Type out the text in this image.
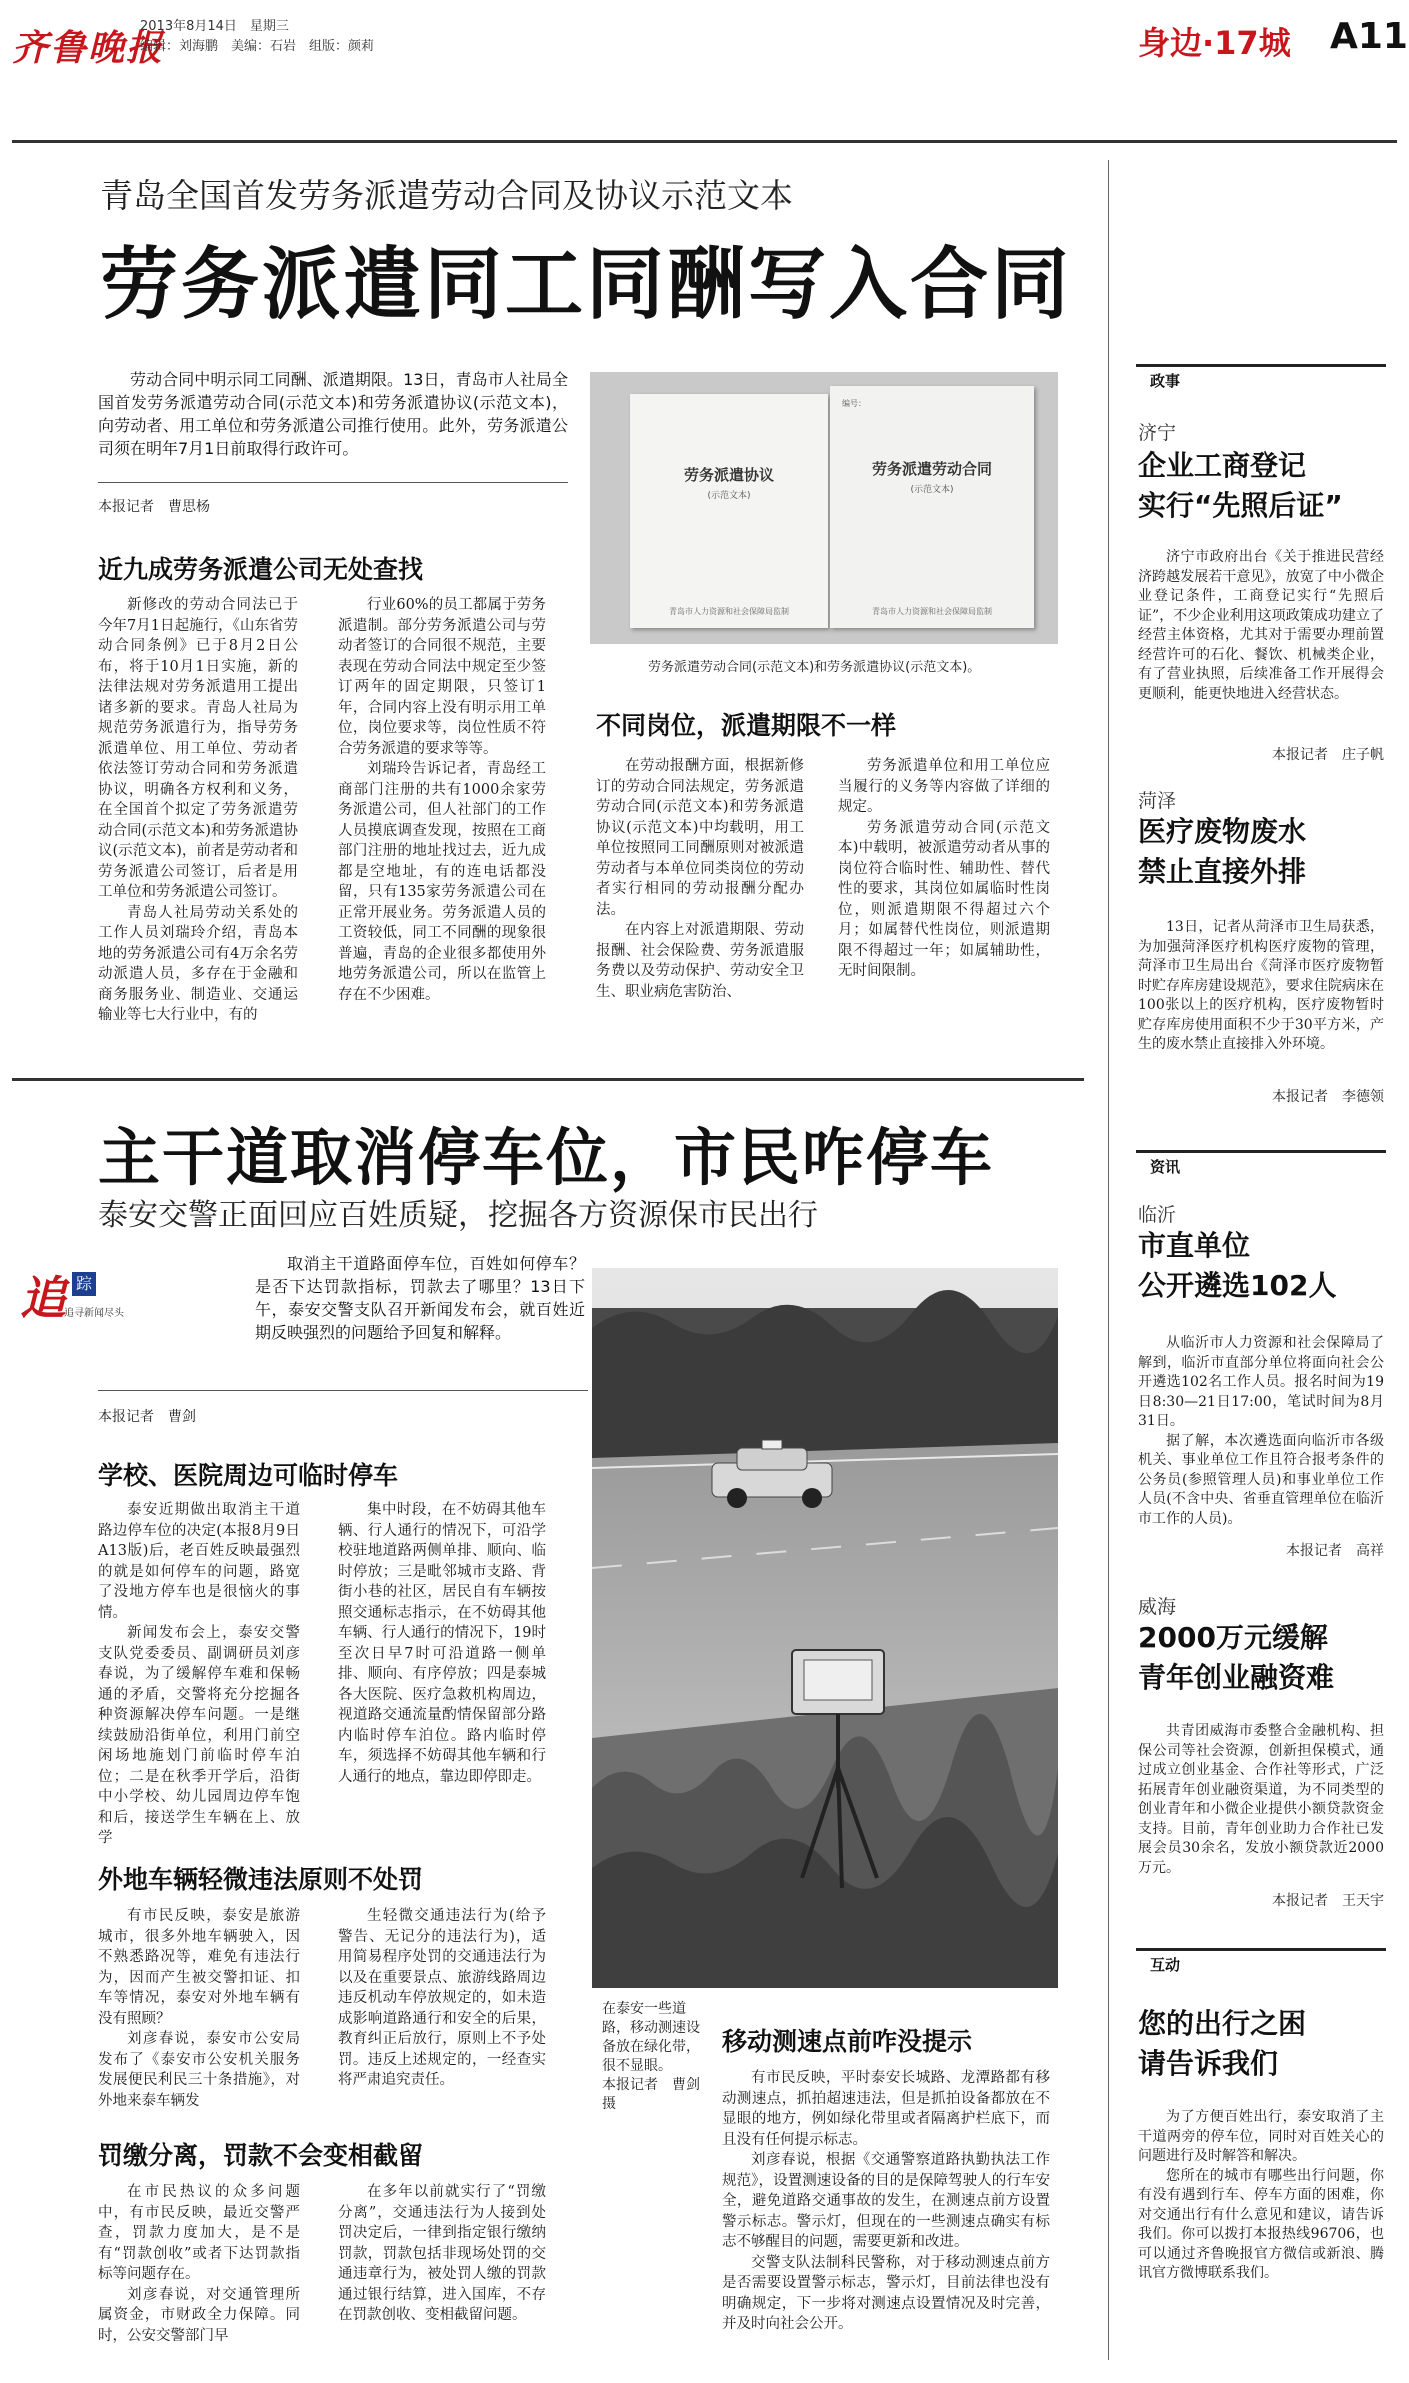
齐鲁晚报
2013年8月14日　星期三
编辑：刘海鹏　美编：石岩　组版：颜莉	身边·17城 A11
青岛全国首发劳务派遣劳动合同及协议示范文本
劳务派遣同工同酬写入合同

劳动合同中明示同工同酬、派遣期限。13日，青岛市人社局全国首发劳务派遣劳动合同(示范文本)和劳务派遣协议(示范文本)，向劳动者、用工单位和劳务派遣公司推行使用。此外，劳务派遣公司须在明年7月1日前取得行政许可。

本报记者　曹思杨
近九成劳务派遣公司无处查找

新修改的劳动合同法已于今年7月1日起施行，《山东省劳动合同条例》已于8月2日公布，将于10月1日实施，新的法律法规对劳务派遣用工提出诸多新的要求。青岛人社局为规范劳务派遣行为，指导劳务派遣单位、用工单位、劳动者依法签订劳动合同和劳务派遣协议，明确各方权利和义务，在全国首个拟定了劳务派遣劳动合同(示范文本)和劳务派遣协议(示范文本)，前者是劳动者和劳务派遣公司签订，后者是用工单位和劳务派遣公司签订。

青岛人社局劳动关系处的工作人员刘瑞玲介绍，青岛本地的劳务派遣公司有4万余名劳动派遣人员，多存在于金融和商务服务业、制造业、交通运输业等七大行业中，有的

行业60%的员工都属于劳务派遣制。部分劳务派遣公司与劳动者签订的合同很不规范，主要表现在劳动合同法中规定至少签订两年的固定期限，只签订1年，合同内容上没有明示用工单位，岗位要求等，岗位性质不符合劳务派遣的要求等等。

刘瑞玲告诉记者，青岛经工商部门注册的共有1000余家劳务派遣公司，但人社部门的工作人员摸底调查发现，按照在工商部门注册的地址找过去，近九成都是空地址，有的连电话都没留，只有135家劳务派遣公司在正常开展业务。劳务派遣人员的工资较低，同工不同酬的现象很普遍，青岛的企业很多都使用外地劳务派遣公司，所以在监管上存在不少困难。

劳务派遣协议
(示范文本)
青岛市人力资源和社会保障局监制
编号：
劳务派遣劳动合同
(示范文本)
青岛市人力资源和社会保障局监制
劳务派遣劳动合同(示范文本)和劳务派遣协议(示范文本)。
不同岗位，派遣期限不一样

在劳动报酬方面，根据新修订的劳动合同法规定，劳务派遣劳动合同(示范文本)和劳务派遣协议(示范文本)中均载明，用工单位按照同工同酬原则对被派遣劳动者与本单位同类岗位的劳动者实行相同的劳动报酬分配办法。

在内容上对派遣期限、劳动报酬、社会保险费、劳务派遣服务费以及劳动保护、劳动安全卫生、职业病危害防治、

劳务派遣单位和用工单位应当履行的义务等内容做了详细的规定。

劳务派遣劳动合同(示范文本)中载明，被派遣劳动者从事的岗位符合临时性、辅助性、替代性的要求，其岗位如属临时性岗位，则派遣期限不得超过六个月；如属替代性岗位，则派遣期限不得超过一年；如属辅助性，无时间限制。

主干道取消停车位，市民咋停车
泰安交警正面回应百姓质疑，挖掘各方资源保市民出行
追 踪
追寻新闻尽头

取消主干道路面停车位，百姓如何停车？是否下达罚款指标，罚款去了哪里？13日下午，泰安交警支队召开新闻发布会，就百姓近期反映强烈的问题给予回复和解释。

本报记者　曹剑
学校、医院周边可临时停车

泰安近期做出取消主干道路边停车位的决定(本报8月9日A13版)后，老百姓反映最强烈的就是如何停车的问题，路宽了没地方停车也是很恼火的事情。

新闻发布会上，泰安交警支队党委委员、副调研员刘彦春说，为了缓解停车难和保畅通的矛盾，交警将充分挖掘各种资源解决停车问题。一是继续鼓励沿街单位，利用门前空闲场地施划门前临时停车泊位；二是在秋季开学后，沿街中小学校、幼儿园周边停车饱和后，接送学生车辆在上、放学

集中时段，在不妨碍其他车辆、行人通行的情况下，可沿学校驻地道路两侧单排、顺向、临时停放；三是毗邻城市支路、背街小巷的社区，居民自有车辆按照交通标志指示，在不妨碍其他车辆、行人通行的情况下，19时至次日早7时可沿道路一侧单排、顺向、有序停放；四是泰城各大医院、医疗急救机构周边，视道路交通流量酌情保留部分路内临时停车泊位。路内临时停车，须选择不妨碍其他车辆和行人通行的地点，靠边即停即走。

外地车辆轻微违法原则不处罚

有市民反映，泰安是旅游城市，很多外地车辆驶入，因不熟悉路况等，难免有违法行为，因而产生被交警扣证、扣车等情况，泰安对外地车辆有没有照顾？

刘彦春说，泰安市公安局发布了《泰安市公安机关服务发展便民利民三十条措施》，对外地来泰车辆发

生轻微交通违法行为(给予警告、无记分的违法行为)，适用简易程序处罚的交通违法行为以及在重要景点、旅游线路周边违反机动车停放规定的，如未造成影响道路通行和安全的后果，教育纠正后放行，原则上不予处罚。违反上述规定的，一经查实将严肃追究责任。

罚缴分离，罚款不会变相截留

在市民热议的众多问题中，有市民反映，最近交警严查，罚款力度加大，是不是有“罚款创收”或者下达罚款指标等问题存在。

刘彦春说，对交通管理所属资金，市财政全力保障。同时，公安交警部门早

在多年以前就实行了“罚缴分离”，交通违法行为人接到处罚决定后，一律到指定银行缴纳罚款，罚款包括非现场处罚的交通违章行为，被处罚人缴的罚款通过银行结算，进入国库，不存在罚款创收、变相截留问题。

在泰安一些道路，移动测速设备放在绿化带，很不显眼。
本报记者　曹剑　摄
移动测速点前咋没提示

有市民反映，平时泰安长城路、龙潭路都有移动测速点，抓拍超速违法，但是抓拍设备都放在不显眼的地方，例如绿化带里或者隔离护栏底下，而且没有任何提示标志。

刘彦春说，根据《交通警察道路执勤执法工作规范》，设置测速设备的目的是保障驾驶人的行车安全，避免道路交通事故的发生，在测速点前方设置警示标志。警示灯，但现在的一些测速点确实有标志不够醒目的问题，需要更新和改进。

交警支队法制科民警称，对于移动测速点前方是否需要设置警示标志，警示灯，目前法律也没有明确规定，下一步将对测速点设置情况及时完善，并及时向社会公开。

政事
济宁
企业工商登记
实行“先照后证”

济宁市政府出台《关于推进民营经济跨越发展若干意见》，放宽了中小微企业登记条件，工商登记实行“先照后证”，不少企业利用这项政策成功建立了经营主体资格，尤其对于需要办理前置经营许可的石化、餐饮、机械类企业，有了营业执照，后续准备工作开展得会更顺利，能更快地进入经营状态。

本报记者　庄子帆
菏泽
医疗废物废水
禁止直接外排

13日，记者从菏泽市卫生局获悉，为加强菏泽医疗机构医疗废物的管理，菏泽市卫生局出台《菏泽市医疗废物暂时贮存库房建设规范》，要求住院病床在100张以上的医疗机构，医疗废物暂时贮存库房使用面积不少于30平方米，产生的废水禁止直接排入外环境。

本报记者　李德领
资讯
临沂
市直单位
公开遴选102人

从临沂市人力资源和社会保障局了解到，临沂市直部分单位将面向社会公开遴选102名工作人员。报名时间为19日8:30—21日17:00，笔试时间为8月31日。

据了解，本次遴选面向临沂市各级机关、事业单位工作且符合报考条件的公务员(参照管理人员)和事业单位工作人员(不含中央、省垂直管理单位在临沂市工作的人员)。

本报记者　高祥
威海
2000万元缓解
青年创业融资难

共青团威海市委整合金融机构、担保公司等社会资源，创新担保模式，通过成立创业基金、合作社等形式，广泛拓展青年创业融资渠道，为不同类型的创业青年和小微企业提供小额贷款资金支持。目前，青年创业助力合作社已发展会员30余名，发放小额贷款近2000万元。

本报记者　王天宇
互动
您的出行之困
请告诉我们

为了方便百姓出行，泰安取消了主干道两旁的停车位，同时对百姓关心的问题进行及时解答和解决。

您所在的城市有哪些出行问题，你有没有遇到行车、停车方面的困难，你对交通出行有什么意见和建议，请告诉我们。你可以拨打本报热线96706，也可以通过齐鲁晚报官方微信或新浪、腾讯官方微博联系我们。
